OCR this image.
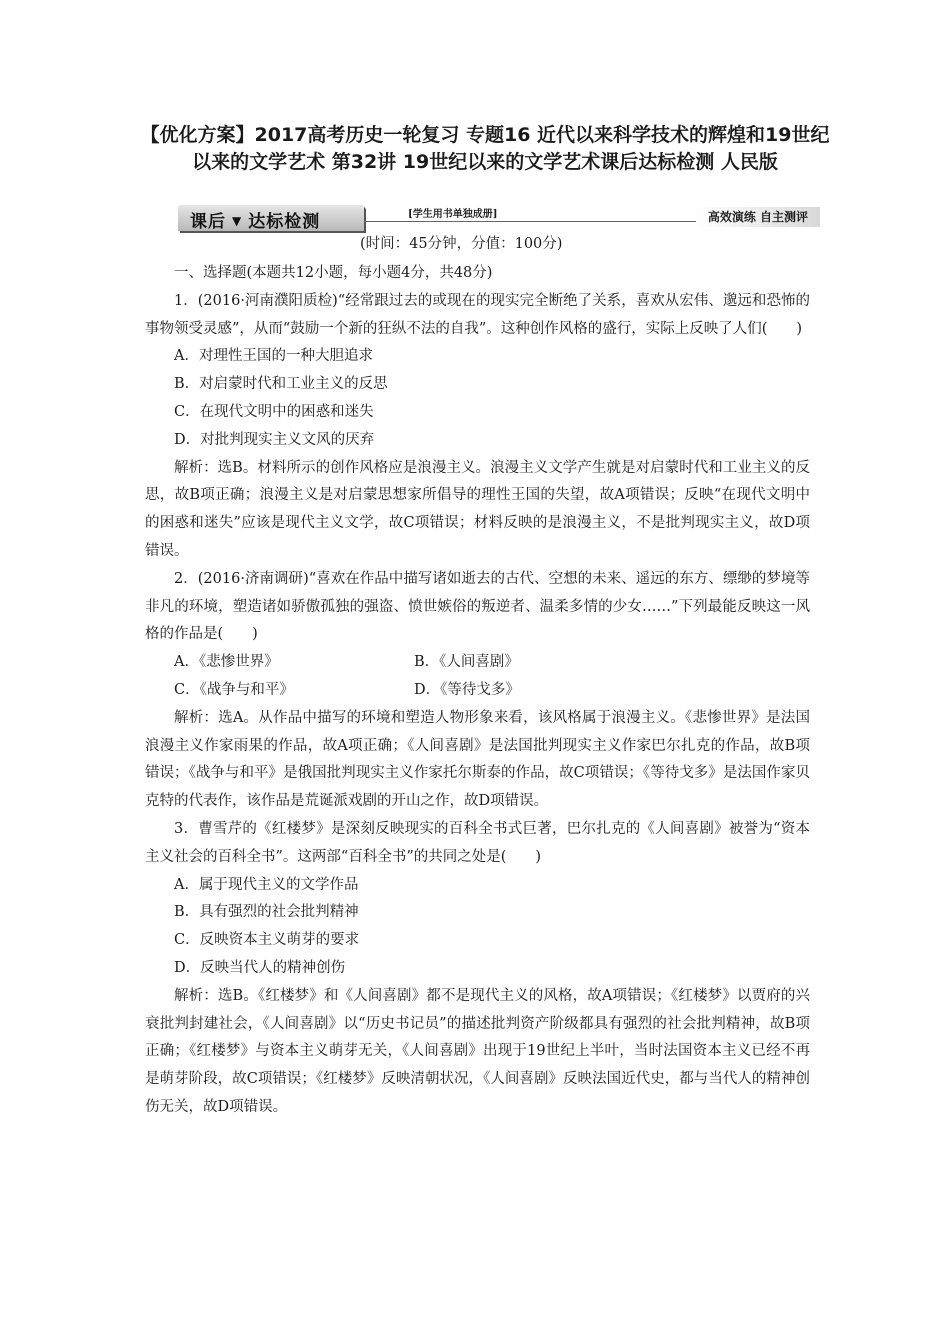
【优化方案】2017高考历史一轮复习 专题16 近代以来科学技术的辉煌和19世纪以来的文学艺术 第32讲 19世纪以来的文学艺术课后达标检测 人民版
课后 ▼ 达标检测	[学生用书单独成册]	高效演练 自主测评
(时间：45分钟，分值：100分)

一、选择题(本题共12小题，每小题4分，共48分)

1．(2016·河南濮阳质检)“经常跟过去的或现在的现实完全断绝了关系，喜欢从宏伟、邈远和恐怖的事物领受灵感”，从而“鼓励一个新的狂纵不法的自我”。这种创作风格的盛行，实际上反映了人们(　　)

A．对理性王国的一种大胆追求

B．对启蒙时代和工业主义的反思

C．在现代文明中的困惑和迷失

D．对批判现实主义文风的厌弃

解析：选B。材料所示的创作风格应是浪漫主义。浪漫主义文学产生就是对启蒙时代和工业主义的反思，故B项正确；浪漫主义是对启蒙思想家所倡导的理性王国的失望，故A项错误；反映“在现代文明中的困惑和迷失”应该是现代主义文学，故C项错误；材料反映的是浪漫主义，不是批判现实主义，故D项错误。

2．(2016·济南调研)“喜欢在作品中描写诸如逝去的古代、空想的未来、遥远的东方、缥缈的梦境等非凡的环境，塑造诸如骄傲孤独的强盗、愤世嫉俗的叛逆者、温柔多情的少女……”下列最能反映这一风格的作品是(　　)

A．《悲惨世界》	B．《人间喜剧》
C．《战争与和平》	D．《等待戈多》

解析：选A。从作品中描写的环境和塑造人物形象来看，该风格属于浪漫主义。《悲惨世界》是法国浪漫主义作家雨果的作品，故A项正确；《人间喜剧》是法国批判现实主义作家巴尔扎克的作品，故B项错误；《战争与和平》是俄国批判现实主义作家托尔斯泰的作品，故C项错误；《等待戈多》是法国作家贝克特的代表作，该作品是荒诞派戏剧的开山之作，故D项错误。

3．曹雪芹的《红楼梦》是深刻反映现实的百科全书式巨著，巴尔扎克的《人间喜剧》被誉为“资本主义社会的百科全书”。这两部“百科全书”的共同之处是(　　)

A．属于现代主义的文学作品

B．具有强烈的社会批判精神

C．反映资本主义萌芽的要求

D．反映当代人的精神创伤

解析：选B。《红楼梦》和《人间喜剧》都不是现代主义的风格，故A项错误；《红楼梦》以贾府的兴衰批判封建社会，《人间喜剧》以“历史书记员”的描述批判资产阶级都具有强烈的社会批判精神，故B项正确；《红楼梦》与资本主义萌芽无关，《人间喜剧》出现于19世纪上半叶，当时法国资本主义已经不再是萌芽阶段，故C项错误；《红楼梦》反映清朝状况，《人间喜剧》反映法国近代史，都与当代人的精神创伤无关，故D项错误。
